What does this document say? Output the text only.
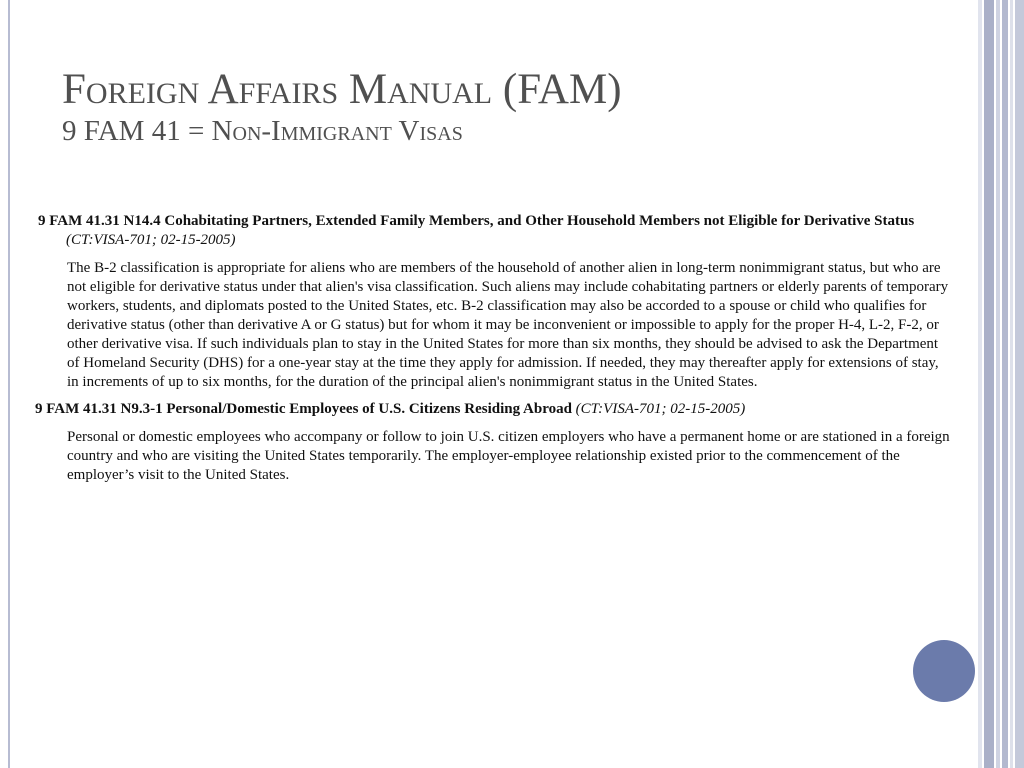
Foreign Affairs Manual (FAM)
9 FAM 41 = Non-Immigrant Visas

9 FAM 41.31 N14.4 Cohabitating Partners, Extended Family Members, and Other Household Members not Eligible for Derivative Status (CT:VISA-701; 02-15-2005)

The B-2 classification is appropriate for aliens who are members of the household of another alien in long-term nonimmigrant status, but who are not eligible for derivative status under that alien's visa classification. Such aliens may include cohabitating partners or elderly parents of temporary workers, students, and diplomats posted to the United States, etc. B-2 classification may also be accorded to a spouse or child who qualifies for derivative status (other than derivative A or G status) but for whom it may be inconvenient or impossible to apply for the proper H-4, L-2, F-2, or other derivative visa. If such individuals plan to stay in the United States for more than six months, they should be advised to ask the Department of Homeland Security (DHS) for a one-year stay at the time they apply for admission. If needed, they may thereafter apply for extensions of stay, in increments of up to six months, for the duration of the principal alien's nonimmigrant status in the United States.

9 FAM 41.31 N9.3-1 Personal/Domestic Employees of U.S. Citizens Residing Abroad (CT:VISA-701; 02-15-2005)

Personal or domestic employees who accompany or follow to join U.S. citizen employers who have a permanent home or are stationed in a foreign country and who are visiting the United States temporarily. The employer-employee relationship existed prior to the commencement of the employer’s visit to the United States.
